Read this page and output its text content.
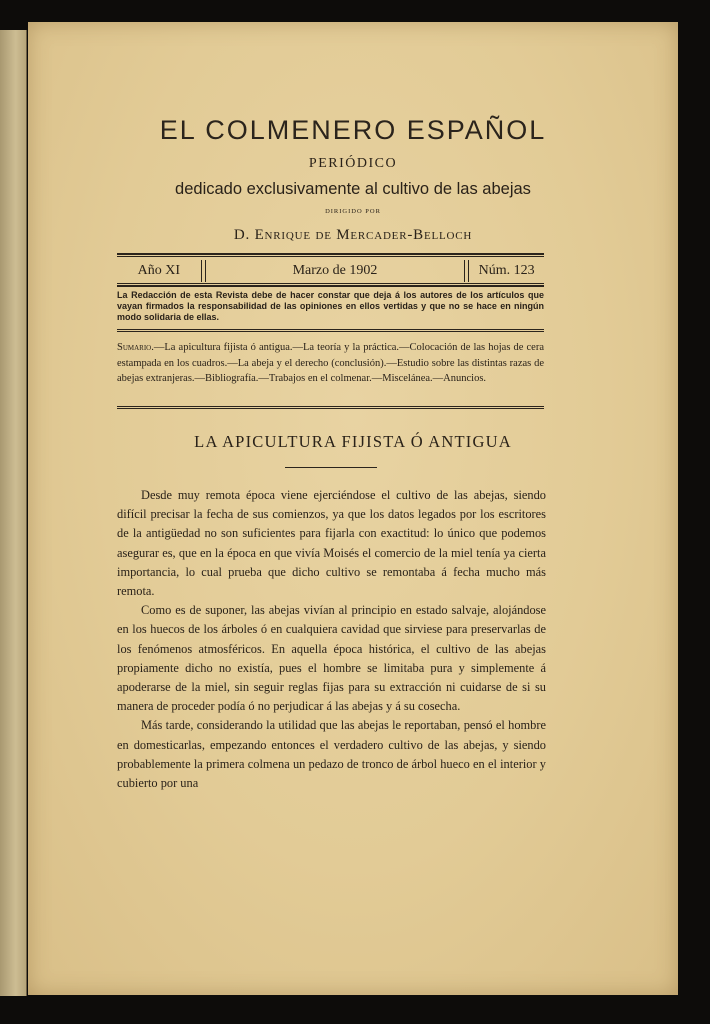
EL COLMENERO ESPAÑOL
PERIÓDICO
dedicado exclusivamente al cultivo de las abejas
DIRIGIDO POR
D. Enrique de Mercader-Belloch
Año XI	Marzo de 1902	Núm. 123
La Redacción de esta Revista debe de hacer constar que deja á los autores de los artículos que vayan firmados la responsabilidad de las opiniones en ellos vertidas y que no se hace en ningún modo solidaria de ellas.
Sumario.—La apicultura fijista ó antigua.—La teoría y la práctica.—Colocación de las hojas de cera estampada en los cuadros.—La abeja y el derecho (conclusión).—Estudio sobre las distintas razas de abejas extranjeras.—Bibliografía.—Trabajos en el colmenar.—Miscelánea.—Anuncios.
LA APICULTURA FIJISTA Ó ANTIGUA

Desde muy remota época viene ejerciéndose el cultivo de las abejas, siendo difícil precisar la fecha de sus comienzos, ya que los datos legados por los escritores de la antigüedad no son suficientes para fijarla con exactitud: lo único que podemos asegurar es, que en la época en que vivía Moisés el comercio de la miel tenía ya cierta importancia, lo cual prueba que dicho cultivo se remontaba á fecha mucho más remota.

Como es de suponer, las abejas vivían al principio en estado salvaje, alojándose en los huecos de los árboles ó en cualquiera cavidad que sirviese para preservarlas de los fenómenos atmosféricos. En aquella época histórica, el cultivo de las abejas propiamente dicho no existía, pues el hombre se limitaba pura y simplemente á apoderarse de la miel, sin seguir reglas fijas para su extracción ni cuidarse de si su manera de proceder podía ó no perjudicar á las abejas y á su cosecha.

Más tarde, considerando la utilidad que las abejas le reportaban, pensó el hombre en domesticarlas, empezando entonces el verdadero cultivo de las abejas, y siendo probablemente la primera colmena un pedazo de tronco de árbol hueco en el interior y cubierto por una
